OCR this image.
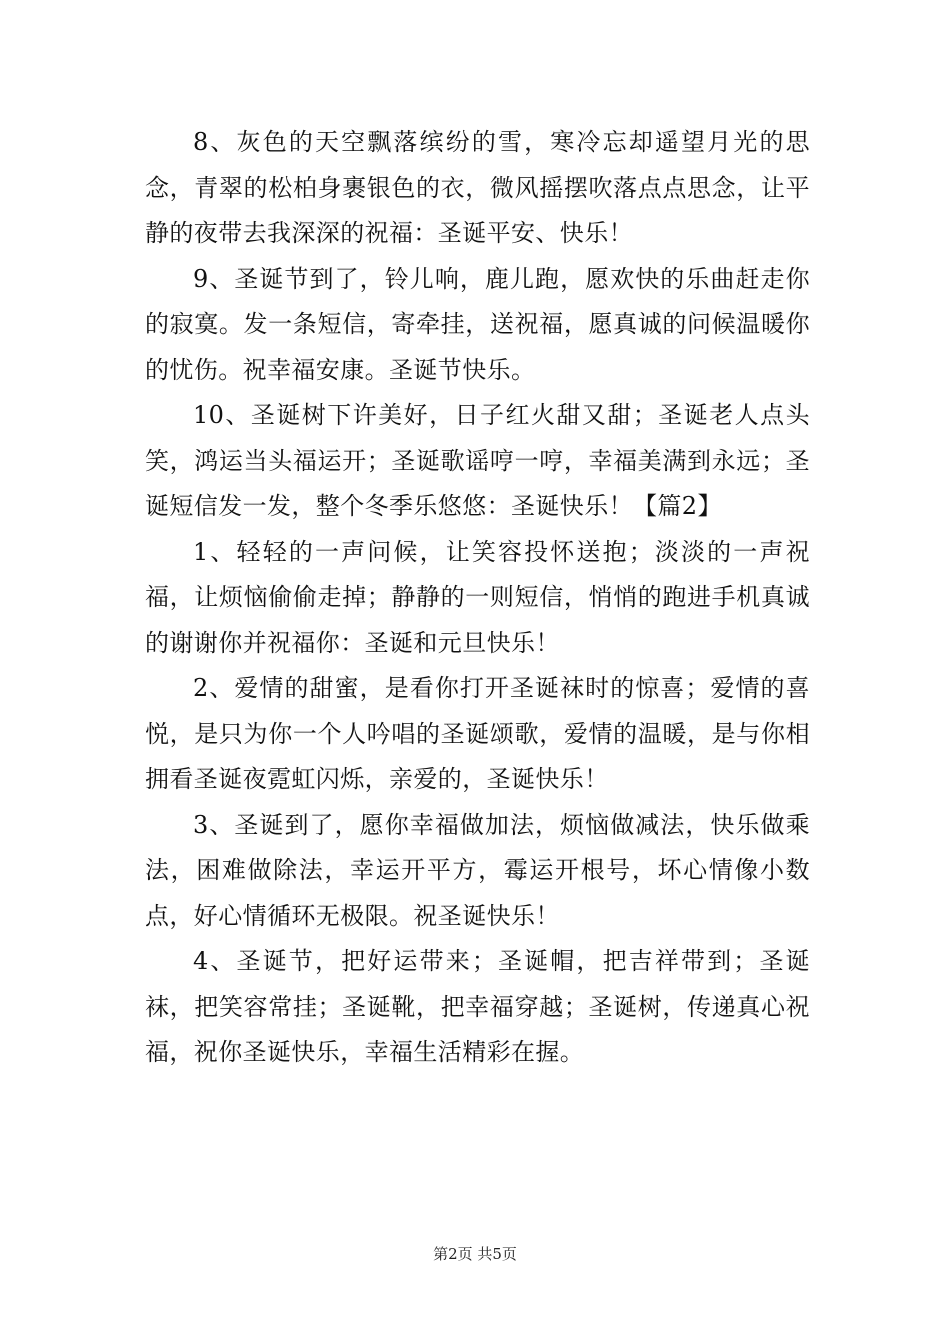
8、灰色的天空飘落缤纷的雪，寒冷忘却遥望月光的思念，青翠的松柏身裹银色的衣，微风摇摆吹落点点思念，让平静的夜带去我深深的祝福：圣诞平安、快乐！

9、圣诞节到了，铃儿响，鹿儿跑，愿欢快的乐曲赶走你的寂寞。发一条短信，寄牵挂，送祝福，愿真诚的问候温暖你的忧伤。祝幸福安康。圣诞节快乐。

10、圣诞树下许美好，日子红火甜又甜；圣诞老人点头笑，鸿运当头福运开；圣诞歌谣哼一哼，幸福美满到永远；圣诞短信发一发，整个冬季乐悠悠：圣诞快乐！【篇2】

1、轻轻的一声问候，让笑容投怀送抱；淡淡的一声祝福，让烦恼偷偷走掉；静静的一则短信，悄悄的跑进手机真诚的谢谢你并祝福你：圣诞和元旦快乐！

2、爱情的甜蜜，是看你打开圣诞袜时的惊喜；爱情的喜悦，是只为你一个人吟唱的圣诞颂歌，爱情的温暖，是与你相拥看圣诞夜霓虹闪烁，亲爱的，圣诞快乐！

3、圣诞到了，愿你幸福做加法，烦恼做减法，快乐做乘法，困难做除法，幸运开平方，霉运开根号，坏心情像小数点，好心情循环无极限。祝圣诞快乐！

4、圣诞节，把好运带来；圣诞帽，把吉祥带到；圣诞袜，把笑容常挂；圣诞靴，把幸福穿越；圣诞树，传递真心祝福，祝你圣诞快乐，幸福生活精彩在握。

第2页 共5页
